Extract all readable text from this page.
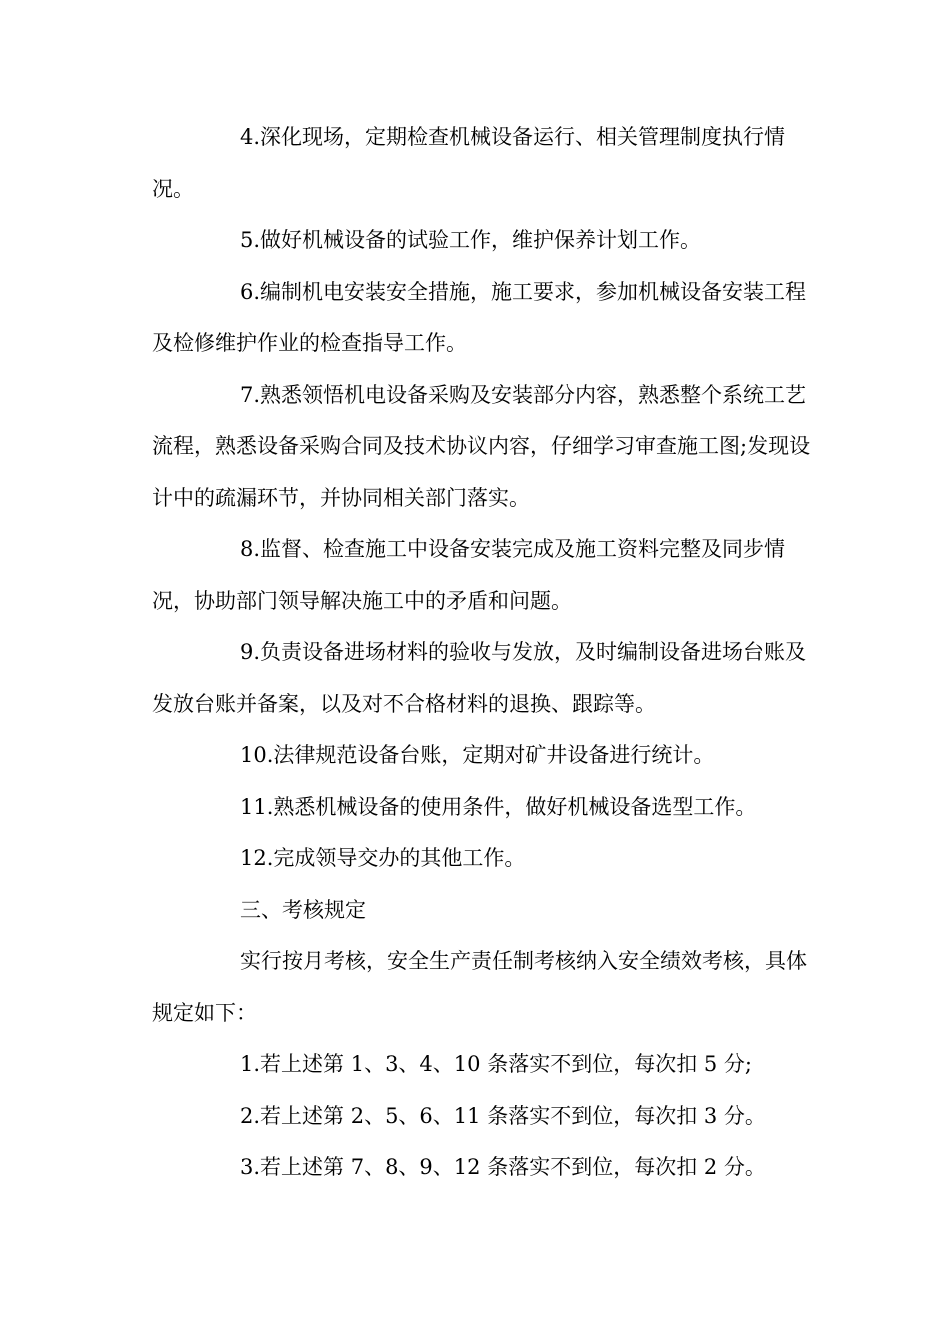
4.深化现场，定期检查机械设备运行、相关管理制度执行情况。

5.做好机械设备的试验工作，维护保养计划工作。

6.编制机电安装安全措施，施工要求，参加机械设备安装工程及检修维护作业的检查指导工作。

7.熟悉领悟机电设备采购及安装部分内容，熟悉整个系统工艺流程，熟悉设备采购合同及技术协议内容，仔细学习审查施工图;发现设计中的疏漏环节，并协同相关部门落实。

8.监督、检查施工中设备安装完成及施工资料完整及同步情况，协助部门领导解决施工中的矛盾和问题。

9.负责设备进场材料的验收与发放，及时编制设备进场台账及发放台账并备案，以及对不合格材料的退换、跟踪等。

10.法律规范设备台账，定期对矿井设备进行统计。

11.熟悉机械设备的使用条件，做好机械设备选型工作。

12.完成领导交办的其他工作。

三、考核规定

实行按月考核，安全生产责任制考核纳入安全绩效考核，具体规定如下：

1.若上述第 1、3、4、10 条落实不到位，每次扣 5 分;

2.若上述第 2、5、6、11 条落实不到位，每次扣 3 分。

3.若上述第 7、8、9、12 条落实不到位，每次扣 2 分。
